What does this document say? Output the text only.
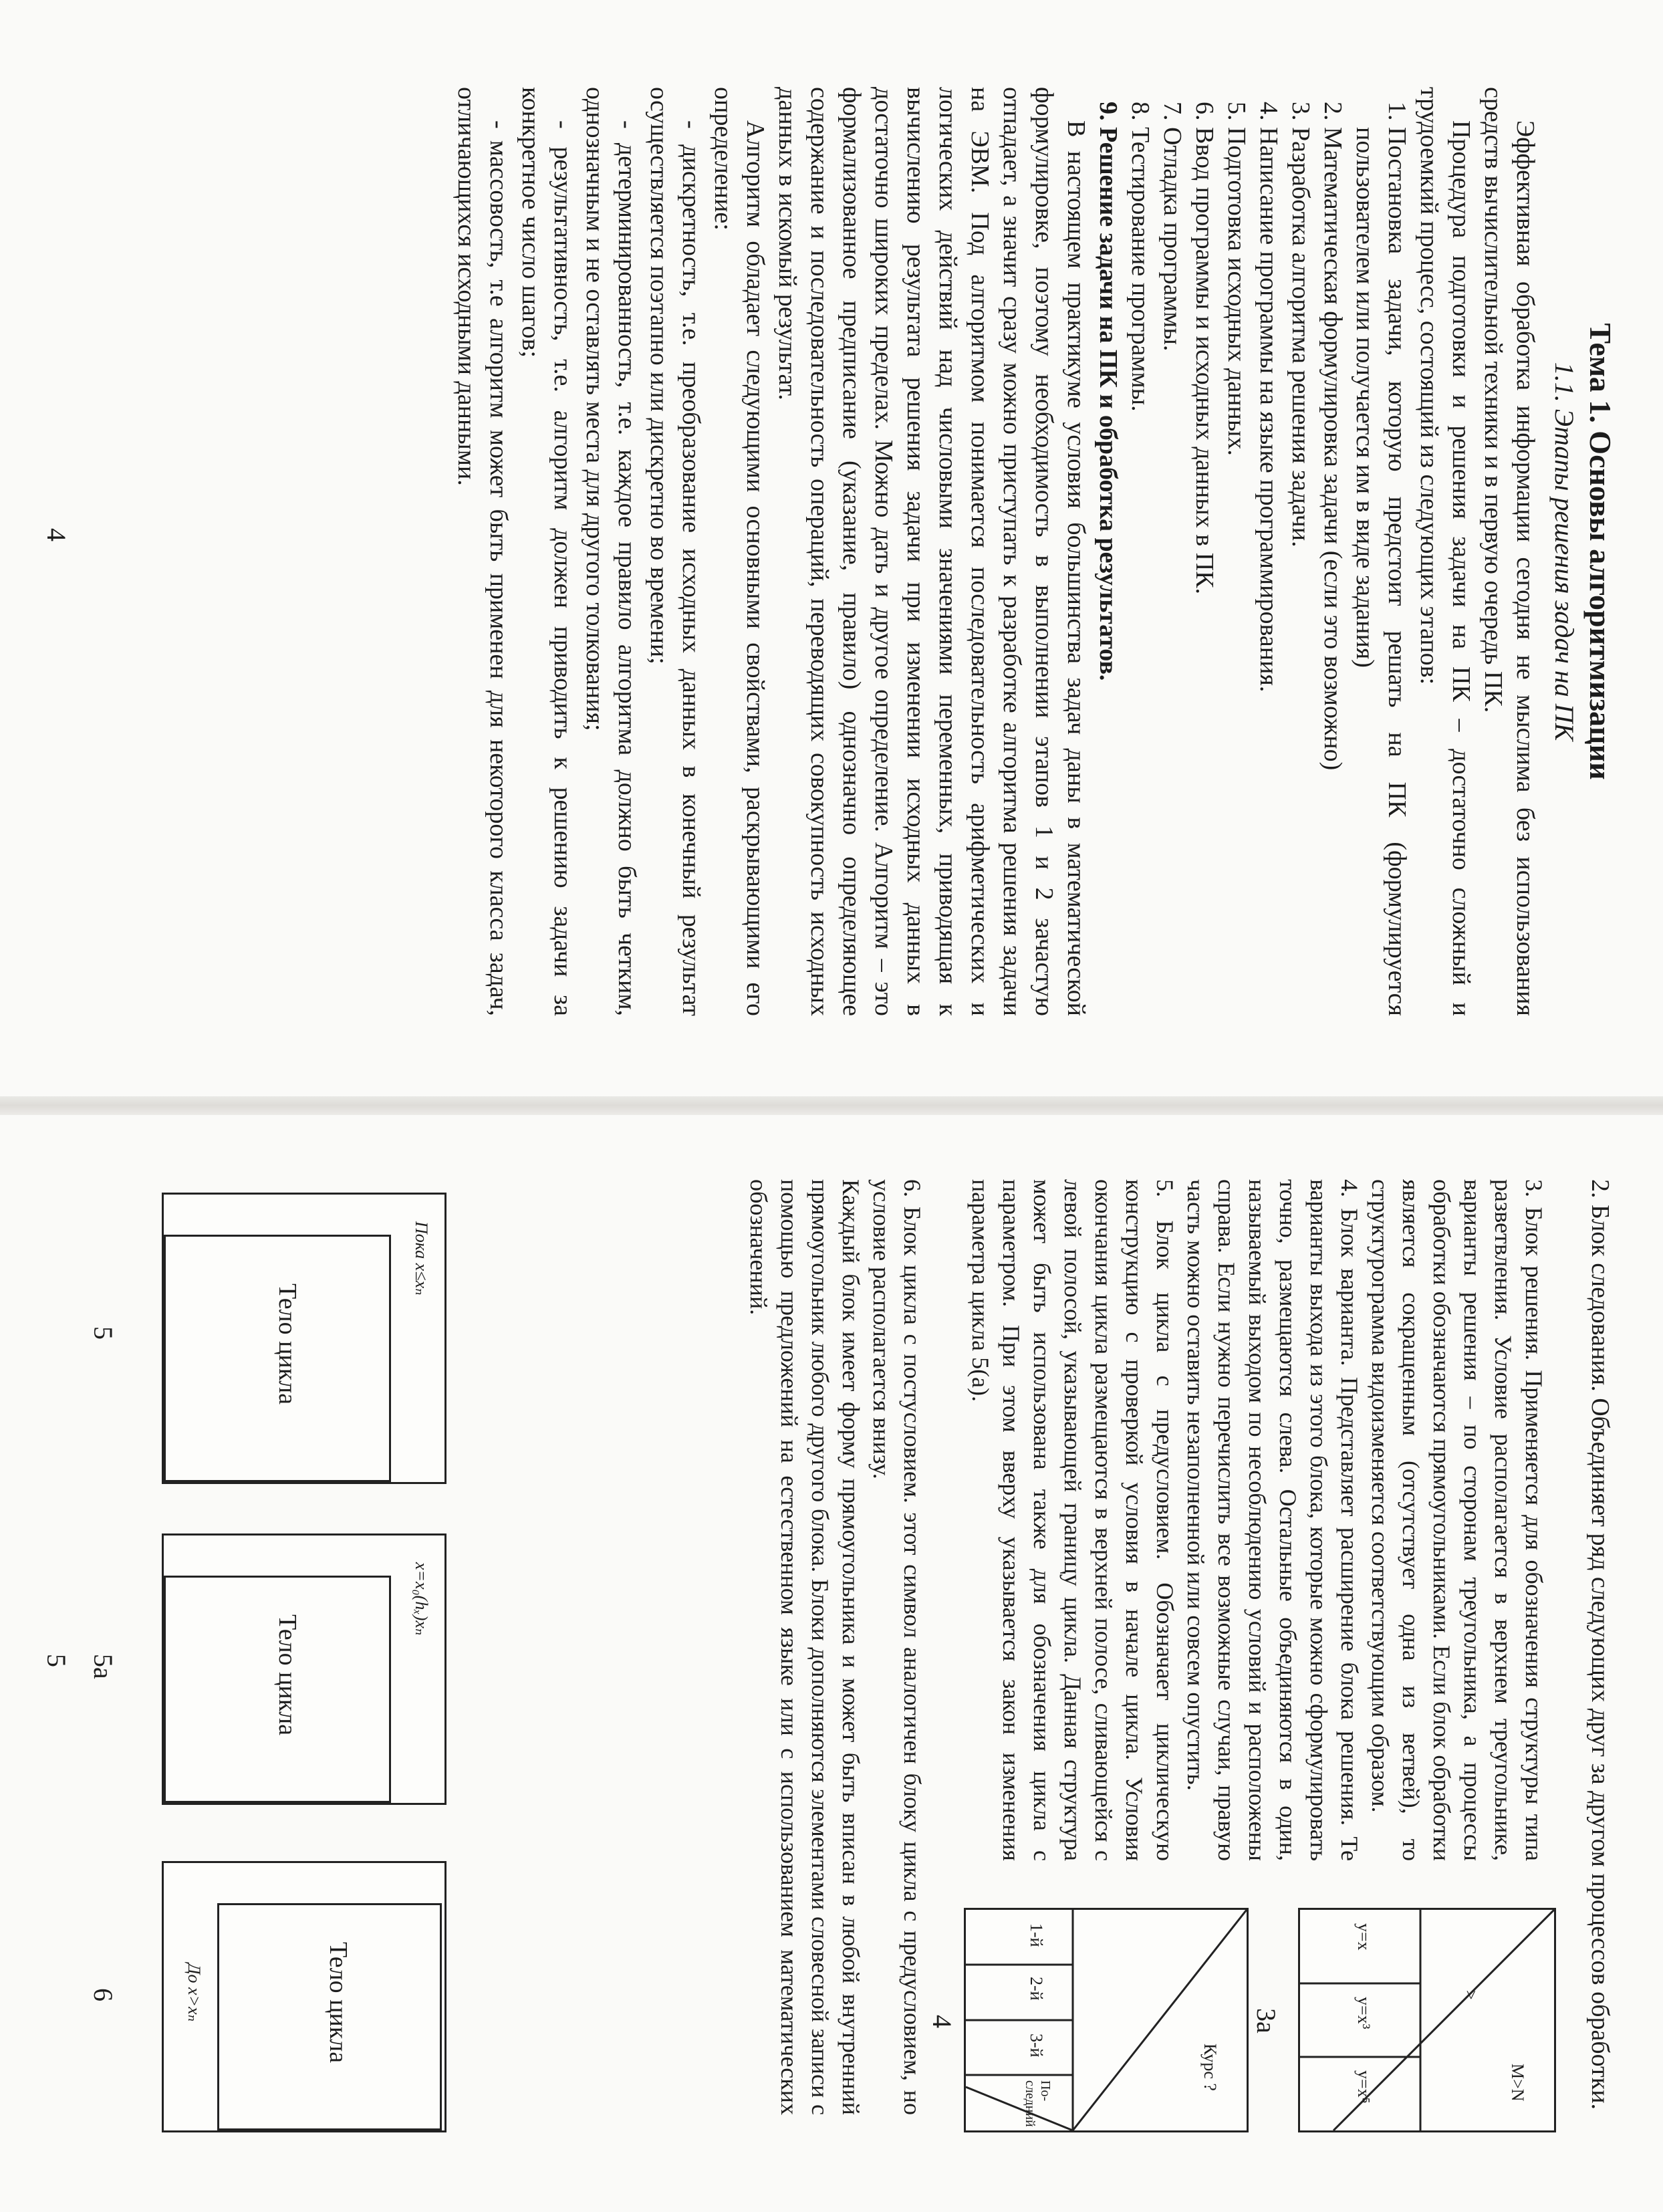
Тема 1. Основы алгоритмизации
1.1. Этапы решения задач на ПК

Эффективная обработка информации сегодня не мыслима без использования средств вычислительной техники и в первую очередь ПК.

Процедура подготовки и решения задачи на ПК – достаточно сложный и трудоемкий процесс, состоящий из следующих этапов:

1. Постановка задачи, которую предстоит решать на ПК (формулируется пользователем или получается им в виде задания)
2. Математическая формулировка задачи (если это возможно)
3. Разработка алгоритма решения задачи.
4. Написание программы на языке программирования.
5. Подготовка исходных данных.
6. Ввод программы и исходных данных в ПК.
7. Отладка программы.
8. Тестирование программы.
9. Решение задачи на ПК и обработка результатов.

В настоящем практикуме условия большинства задач даны в математической формулировке, поэтому необходимость в выполнении этапов 1 и 2 зачастую отпадает, а значит сразу можно приступать к разработке алгоритма решения задачи на ЭВМ. Под алгоритмом понимается последовательность арифметических и логических действий над числовыми значениями переменных, приводящая к вычислению результата решения задачи при изменении исходных данных в достаточно широких пределах. Можно дать и другое определение. Алгоритм – это формализованное предписание (указание, правило) однозначно определяющее содержание и последовательность операций, переводящих совокупность исходных данных в искомый результат.

Алгоритм обладает следующими основными свойствами, раскрывающими его определение:

- дискретность, т.е. преобразование исходных данных в конечный результат осуществляется поэтапно или дискретно во времени;

- детерминированность, т.е. каждое правило алгоритма должно быть четким, однозначным и не оставлять места для другого толкования;

- результативность, т.е. алгоритм должен приводить к решению задачи за конкретное число шагов;

- массовость, т.е алгоритм может быть применен для некоторого класса задач, отличающихся исходными данными.

4

2. Блок следования. Объединяет ряд следующих друг за другом процессов обработки.

3. Блок решения. Применяется для обозначения структуры типа разветвления. Условие располагается в верхнем треугольнике, варианты решения – по сторонам треугольника, а процессы обработки обозначаются прямоугольниками. Если блок обработки является сокращенным (отсутствует одна из ветвей), то структурограмма видоизменяется соответствующим образом.

4. Блок варианта. Представляет расширение блока решения. Те варианты выхода из этого блока, которые можно сформулировать точно, размещаются слева. Остальные объединяются в один, называемый выходом по несоблюдению условий и расположены справа. Если нужно перечислить все возможные случаи, правую часть можно оставить незаполненной или совсем опустить.

5. Блок цикла с предусловием. Обозначает циклическую конструкцию с проверкой условия в начале цикла. Условия окончания цикла размещаются в верхней полосе, сливающейся с левой полосой, указывающей границу цикла. Данная структура может быть использована также для обозначения цикла с параметром. При этом вверху указывается закон изменения параметра цикла 5(а).

6. Блок цикла с постусловием. этот символ аналогичен блоку цикла с предусловием, но условие располагается внизу.

Каждый блок имеет форму прямоугольника и может быть вписан в любой внутренний прямоугольник любого другого блока. Блоки дополняются элементами словесной записи с помощью предложений на естественном языке или с использованием математических обозначений.

M>N
>
y=x
y=x³
y=x⁵
3a
Курс ?
1-й
2-й
3-й
По-
следний
4
Пока x≤xₙ
Тело цикла
5
x=x₀(hₓ)xₙ
Тело цикла
5a
Тело цикла
До x>xₙ
6
5
